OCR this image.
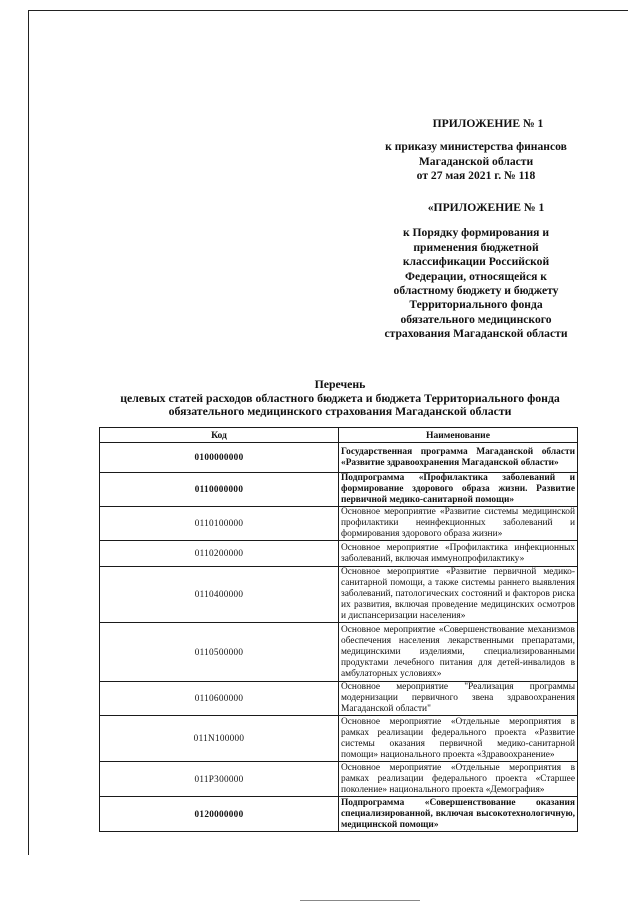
ПРИЛОЖЕНИЕ № 1
к приказу министерства финансов
Магаданской области
от 27 мая 2021 г. № 118
«ПРИЛОЖЕНИЕ № 1
к Порядку формирования и
применения бюджетной
классификации Российской
Федерации, относящейся к
областному бюджету и бюджету
Территориального фонда
обязательного медицинского
страхования Магаданской области
Перечень
целевых статей расходов областного бюджета и бюджета Территориального фонда
обязательного медицинского страхования Магаданской области
Код	Наименование
0100000000	Государственная программа Магаданской области «Развитие здравоохранения Магаданской области»
0110000000	Подпрограмма «Профилактика заболеваний и формирование здорового образа жизни. Развитие первичной медико-санитарной помощи»
0110100000	Основное мероприятие «Развитие системы медицинской профилактики неинфекционных заболеваний и формирования здорового образа жизни»
0110200000	Основное мероприятие «Профилактика инфекционных заболеваний, включая иммунопрофилактику»
0110400000	Основное мероприятие «Развитие первичной медико-санитарной помощи, а также системы раннего выявления заболеваний, патологических состояний и факторов риска их развития, включая проведение медицинских осмотров и диспансеризации населения»
0110500000	Основное мероприятие «Совершенствование механизмов обеспечения населения лекарственными препаратами, медицинскими изделиями, специализированными продуктами лечебного питания для детей-инвалидов в амбулаторных условиях»
0110600000	Основное мероприятие "Реализация программы модернизации первичного звена здравоохранения Магаданской области"
011N100000	Основное мероприятие «Отдельные мероприятия в рамках реализации федерального проекта «Развитие системы оказания первичной медико-санитарной помощи» национального проекта «Здравоохранение»
011P300000	Основное мероприятие «Отдельные мероприятия в рамках реализации федерального проекта «Старшее поколение» национального проекта «Демография»
0120000000	Подпрограмма «Совершенствование оказания специализированной, включая высокотехнологичную, медицинской помощи»
